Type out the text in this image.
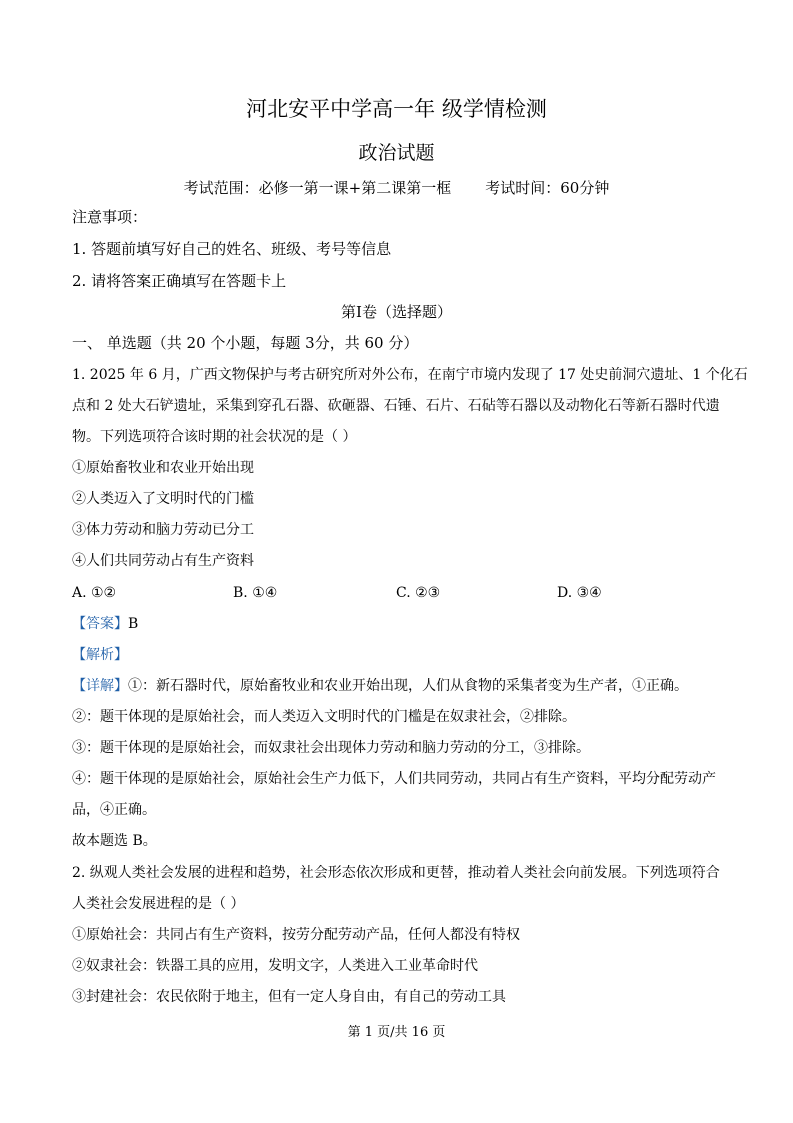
河北安平中学高一年 级学情检测
政治试题
考试范围：必修一第一课+第二课第一框 考试时间：60分钟
注意事项：
1. 答题前填写好自己的姓名、班级、考号等信息
2. 请将答案正确填写在答题卡上
第Ⅰ卷（选择题）
一、 单选题（共 20 个小题，每题 3分，共 60 分）
1. 2025 年 6 月，广西文物保护与考古研究所对外公布，在南宁市境内发现了 17 处史前洞穴遗址、1 个化石
点和 2 处大石铲遗址，采集到穿孔石器、砍砸器、石锤、石片、石砧等石器以及动物化石等新石器时代遗
物。下列选项符合该时期的社会状况的是（ ）
①原始畜牧业和农业开始出现
②人类迈入了文明时代的门槛
③体力劳动和脑力劳动已分工
④人们共同劳动占有生产资料
A. ①②	B. ①④	C. ②③	D. ③④
【答案】B
【解析】
【详解】①：新石器时代，原始畜牧业和农业开始出现，人们从食物的采集者变为生产者，①正确。
②：题干体现的是原始社会，而人类迈入文明时代的门槛是在奴隶社会，②排除。
③：题干体现的是原始社会，而奴隶社会出现体力劳动和脑力劳动的分工，③排除。
④：题干体现的是原始社会，原始社会生产力低下，人们共同劳动，共同占有生产资料，平均分配劳动产
品，④正确。
故本题选 B。
2. 纵观人类社会发展的进程和趋势，社会形态依次形成和更替，推动着人类社会向前发展。下列选项符合
人类社会发展进程的是（ ）
①原始社会：共同占有生产资料，按劳分配劳动产品，任何人都没有特权
②奴隶社会：铁器工具的应用，发明文字，人类进入工业革命时代
③封建社会：农民依附于地主，但有一定人身自由，有自己的劳动工具
第 1 页/共 16 页
